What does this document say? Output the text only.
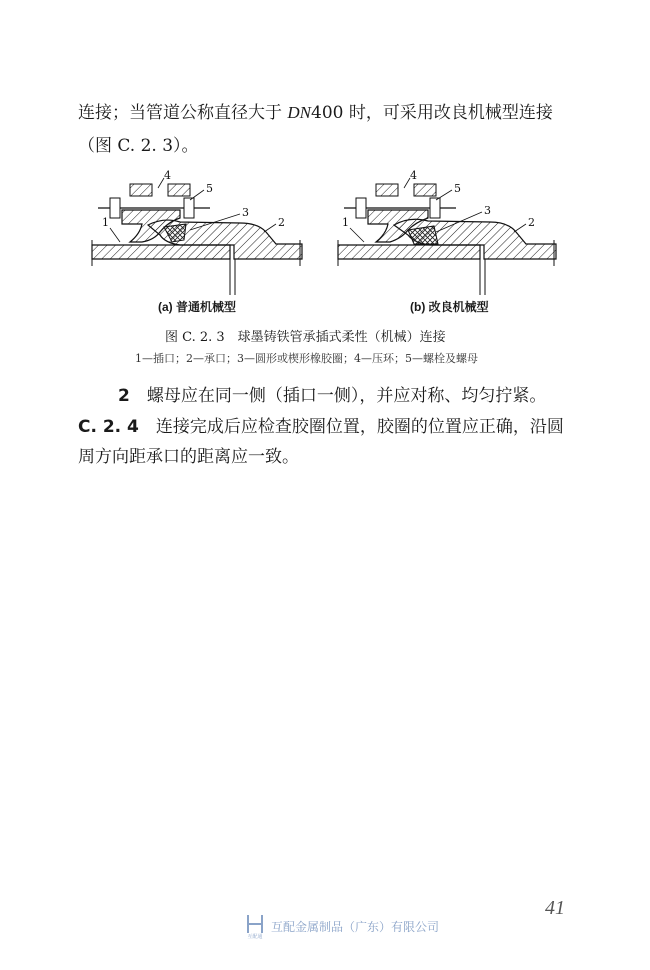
连接；当管道公称直径大于 DN400 时，可采用改良机械型连接
（图 C. 2. 3）。
1
4
5
3
2
(a) 普通机械型
1
4
5
3
2
(b) 改良机械型
图 C. 2. 3　球墨铸铁管承插式柔性（机械）连接
1—插口；2—承口；3—圆形或楔形橡胶圈；4—压环；5—螺栓及螺母
2　 螺母应在同一侧（插口一侧），并应对称、均匀拧紧。
C. 2. 4　 连接完成后应检查胶圈位置，胶圈的位置应正确，沿圆
周方向距承口的距离应一致。
41
互配通
互配金属制品（广东）有限公司
